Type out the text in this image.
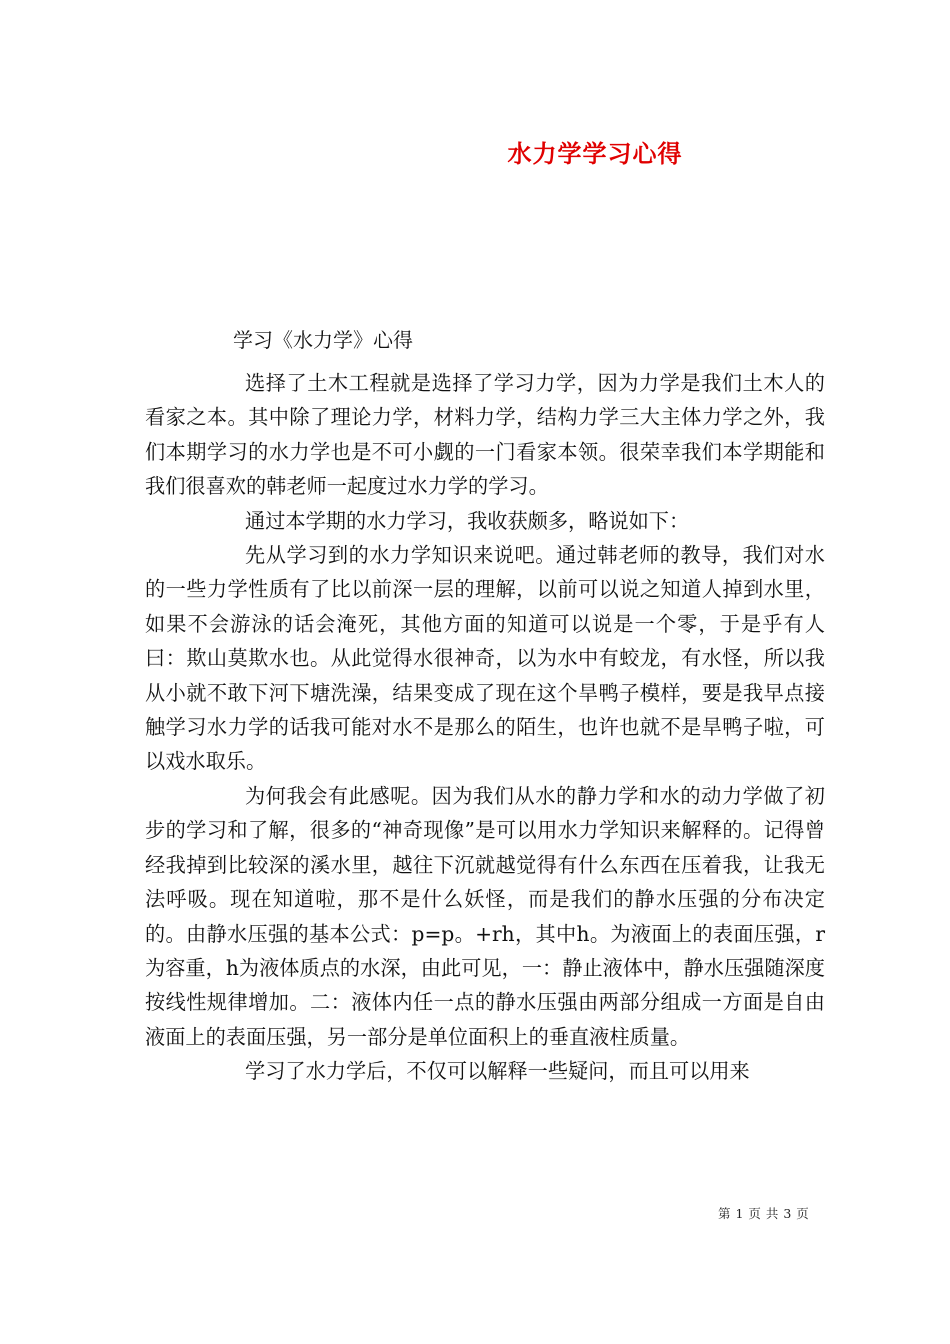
水力学学习心得
学习《水力学》心得

选择了土木工程就是选择了学习力学，因为力学是我们土木人的看家之本。其中除了理论力学，材料力学，结构力学三大主体力学之外，我们本期学习的水力学也是不可小觑的一门看家本领。很荣幸我们本学期能和我们很喜欢的韩老师一起度过水力学的学习。

通过本学期的水力学习，我收获颇多，略说如下：

先从学习到的水力学知识来说吧。通过韩老师的教导，我们对水的一些力学性质有了比以前深一层的理解，以前可以说之知道人掉到水里，如果不会游泳的话会淹死，其他方面的知道可以说是一个零，于是乎有人曰：欺山莫欺水也。从此觉得水很神奇，以为水中有蛟龙，有水怪，所以我从小就不敢下河下塘洗澡，结果变成了现在这个旱鸭子模样，要是我早点接触学习水力学的话我可能对水不是那么的陌生，也许也就不是旱鸭子啦，可以戏水取乐。

为何我会有此感呢。因为我们从水的静力学和水的动力学做了初步的学习和了解，很多的“神奇现像”是可以用水力学知识来解释的。记得曾经我掉到比较深的溪水里，越往下沉就越觉得有什么东西在压着我，让我无法呼吸。现在知道啦，那不是什么妖怪，而是我们的静水压强的分布决定的。由静水压强的基本公式：p=p。+rh，其中h。为液面上的表面压强，r为容重，h为液体质点的水深，由此可见，一：静止液体中，静水压强随深度按线性规律增加。二：液体内任一点的静水压强由两部分组成一方面是自由液面上的表面压强，另一部分是单位面积上的垂直液柱质量。

学习了水力学后，不仅可以解释一些疑问，而且可以用来

第 1 页 共 3 页
